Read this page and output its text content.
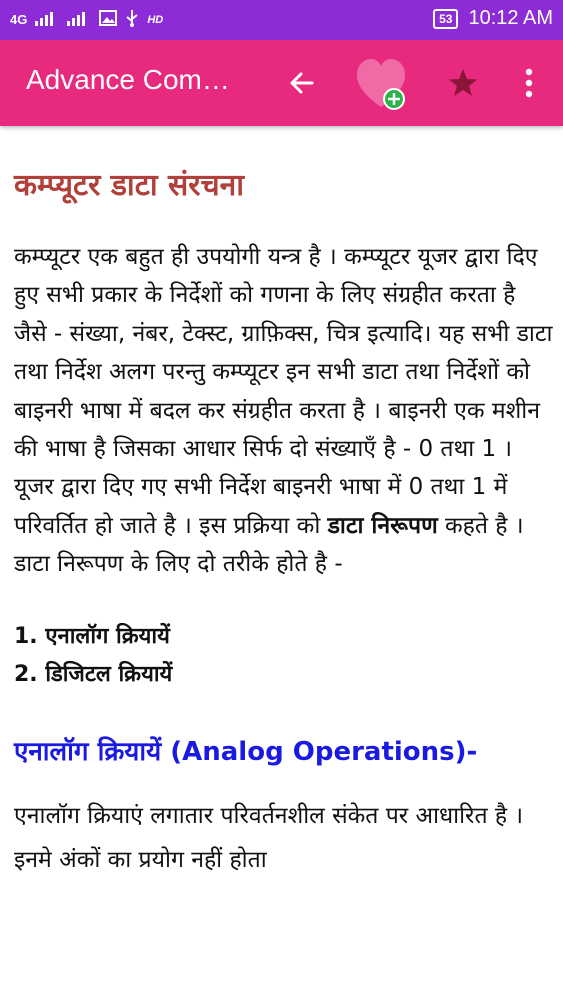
4G	HD	53 10:12 AM
Advance Com…
कम्प्यूटर डाटा संरचना

कम्प्यूटर एक बहुत ही उपयोगी यन्त्र है । कम्प्यूटर यूजर द्वारा दिए हुए सभी प्रकार के निर्देशों को गणना के लिए संग्रहीत करता है जैसे - संख्या, नंबर, टेक्स्ट, ग्राफ़िक्स, चित्र इत्यादि। यह सभी डाटा तथा निर्देश अलग परन्तु कम्प्यूटर इन सभी डाटा तथा निर्देशों को बाइनरी भाषा में बदल कर संग्रहीत करता है । बाइनरी एक मशीन की भाषा है जिसका आधार सिर्फ दो संख्याएँ है - 0 तथा 1 । यूजर द्वारा दिए गए सभी निर्देश बाइनरी भाषा में 0 तथा 1 में परिवर्तित हो जाते है । इस प्रक्रिया को डाटा निरूपण कहते है । डाटा निरूपण के लिए दो तरीके होते है -

1. एनालॉग क्रियायें
2. डिजिटल क्रियायें
एनालॉग क्रियायें (Analog Operations)-

एनालॉग क्रियाएं लगातार परिवर्तनशील संकेत पर आधारित है । इनमे अंकों का प्रयोग नहीं होता
